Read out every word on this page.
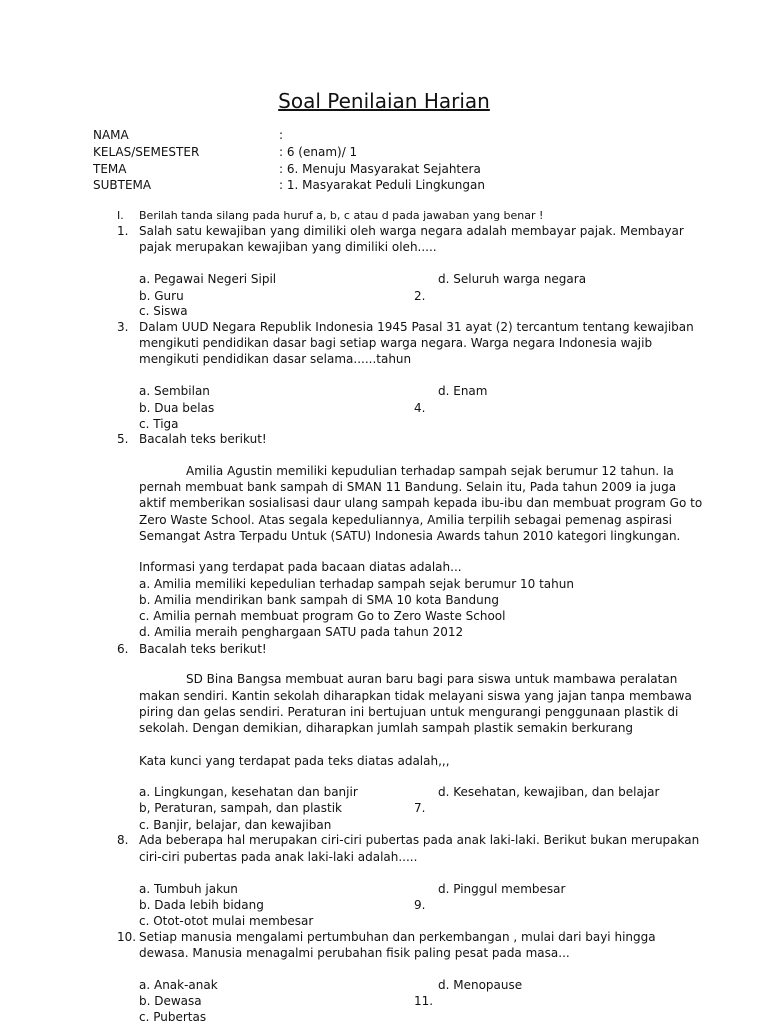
Soal Penilaian Harian
NAMA	:
KELAS/SEMESTER	: 6 (enam)/ 1
TEMA	: 6. Menuju Masyarakat Sejahtera
SUBTEMA	: 1. Masyarakat Peduli Lingkungan
I. Berilah tanda silang pada huruf a, b, c atau d pada jawaban yang benar !
1. Salah satu kewajiban yang dimiliki oleh warga negara adalah membayar pajak. Membayar
pajak merupakan kewajiban yang dimiliki oleh.....
a. Pegawai Negeri Sipil	d. Seluruh warga negara
b. Guru	2.
c. Siswa
3. Dalam UUD Negara Republik Indonesia 1945 Pasal 31 ayat (2) tercantum tentang kewajiban
mengikuti pendidikan dasar bagi setiap warga negara. Warga negara Indonesia wajib
mengikuti pendidikan dasar selama......tahun
a. Sembilan	d. Enam
b. Dua belas	4.
c. Tiga
5. Bacalah teks berikut!
Amilia Agustin memiliki kepudulian terhadap sampah sejak berumur 12 tahun. Ia
pernah membuat bank sampah di SMAN 11 Bandung. Selain itu, Pada tahun 2009 ia juga
aktif memberikan sosialisasi daur ulang sampah kepada ibu-ibu dan membuat program Go to
Zero Waste School. Atas segala kepeduliannya, Amilia terpilih sebagai pemenag aspirasi
Semangat Astra Terpadu Untuk (SATU) Indonesia Awards tahun 2010 kategori lingkungan.
Informasi yang terdapat pada bacaan diatas adalah...
a. Amilia memiliki kepedulian terhadap sampah sejak berumur 10 tahun
b. Amilia mendirikan bank sampah di SMA 10 kota Bandung
c. Amilia pernah membuat program Go to Zero Waste School
d. Amilia meraih penghargaan SATU pada tahun 2012
6. Bacalah teks berikut!
SD Bina Bangsa membuat auran baru bagi para siswa untuk mambawa peralatan
makan sendiri. Kantin sekolah diharapkan tidak melayani siswa yang jajan tanpa membawa
piring dan gelas sendiri. Peraturan ini bertujuan untuk mengurangi penggunaan plastik di
sekolah. Dengan demikian, diharapkan jumlah sampah plastik semakin berkurang
Kata kunci yang terdapat pada teks diatas adalah,,,
a. Lingkungan, kesehatan dan banjir	d. Kesehatan, kewajiban, dan belajar
b, Peraturan, sampah, dan plastik	7.
c. Banjir, belajar, dan kewajiban
8. Ada beberapa hal merupakan ciri-ciri pubertas pada anak laki-laki. Berikut bukan merupakan
ciri-ciri pubertas pada anak laki-laki adalah.....
a. Tumbuh jakun	d. Pinggul membesar
b. Dada lebih bidang	9.
c. Otot-otot mulai membesar
10. Setiap manusia mengalami pertumbuhan dan perkembangan , mulai dari bayi hingga
dewasa. Manusia menagalmi perubahan fisik paling pesat pada masa...
a. Anak-anak	d. Menopause
b. Dewasa	11.
c. Pubertas
